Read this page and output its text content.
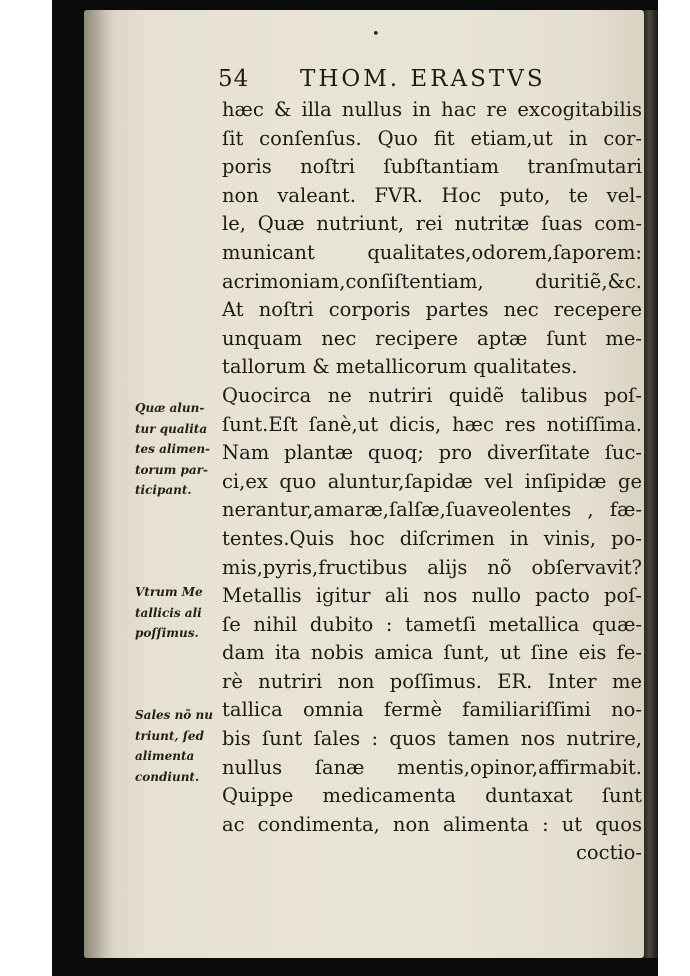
•
54 THOM. ERASTVS
hæc & illa nullus in hac re excogitabilis
ſit conſenſus. Quo fit etiam,ut in cor-
poris noſtri ſubſtantiam tranſmutari
non valeant. FVR. Hoc puto, te vel-
le, Quæ nutriunt, rei nutritæ ſuas com-
municant qualitates,odorem,ſaporem:
acrimoniam,conſiſtentiam, duritiẽ,&c.
At noſtri corporis partes nec recepere
unquam nec recipere aptæ ſunt me-
tallorum & metallicorum qualitates.
Quocirca ne nutriri quidẽ talibus poſ-
ſunt.Eſt ſanè,ut dicis, hæc res notiſſima.
Nam plantæ quoq; pro diverſitate ſuc-
ci,ex quo aluntur,ſapidæ vel inſipidæ ge
nerantur,amaræ,ſalſæ,ſuaveolentes , fæ-
tentes.Quis hoc diſcrimen in vinis, po-
mis,pyris,fructibus alijs nõ obſervavit?
Metallis igitur ali nos nullo pacto poſ-
ſe nihil dubito : tametſi metallica quæ-
dam ita nobis amica ſunt, ut ſine eis fe-
rè nutriri non poſſimus. ER. Inter me
tallica omnia fermè familiariſſimi no-
bis ſunt ſales : quos tamen nos nutrire,
nullus ſanæ mentis,opinor,affirmabit.
Quippe medicamenta duntaxat ſunt
ac condimenta, non alimenta : ut quos
coctio-
Quæ alun-
tur qualita
tes alimen-
torum par-
ticipant.
Vtrum Me
tallicis ali
poſſimus.
Sales nõ nu
triunt, ſed
alimenta
condiunt.
